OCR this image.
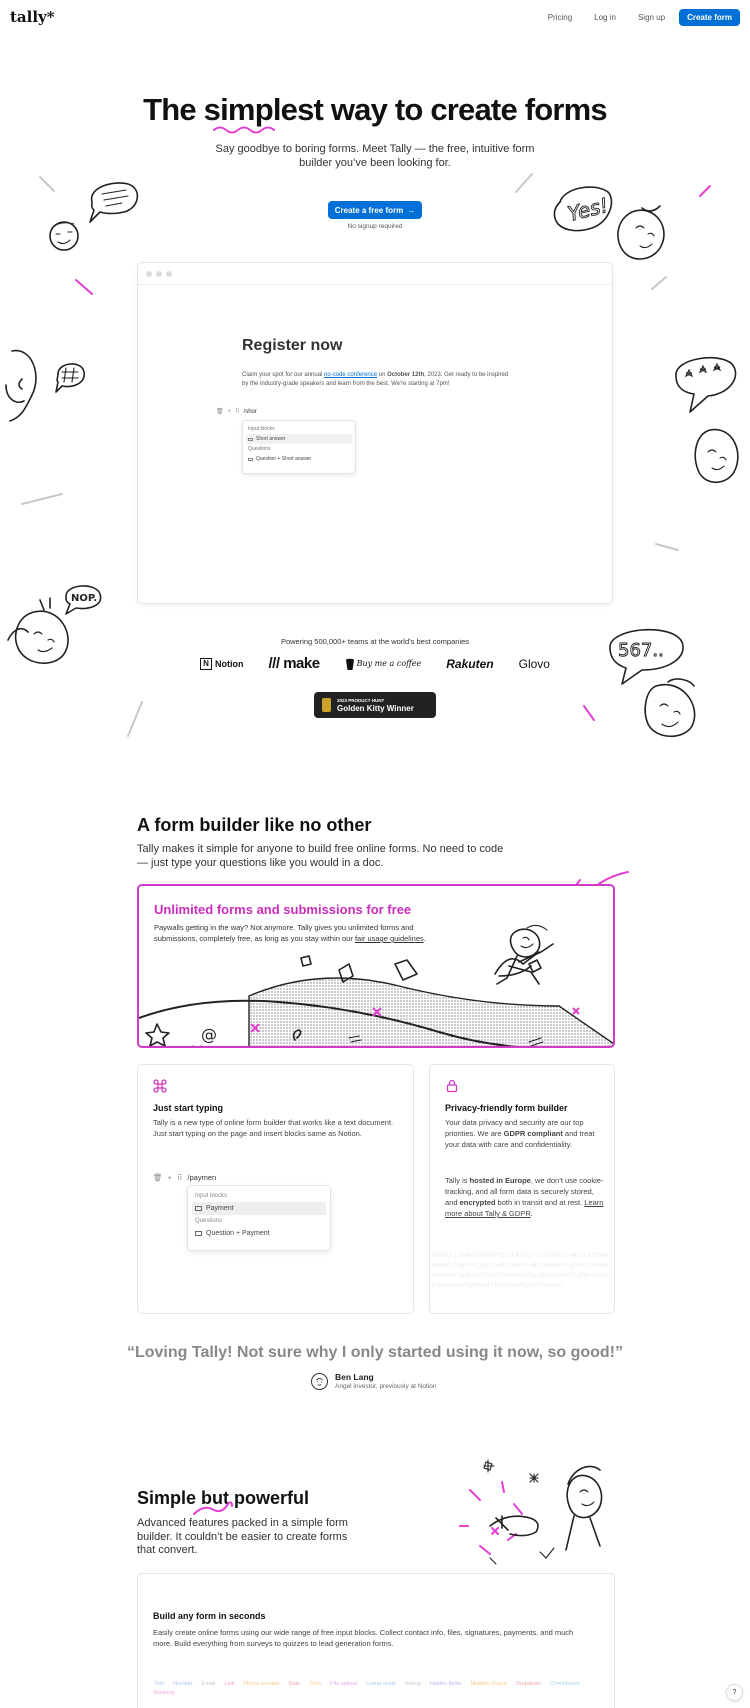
tally*	Pricing	Log in	Sign up	Create form
The simplest way to create forms

Say goodbye to boring forms. Meet Tally — the free, intuitive form builder you’ve been looking for.

Create a free form →

No signup required

Yes!
NOP.
567..
Register now
Claim your spot for our annual no-code conference on October 12th, 2023. Get ready to be inspired by the industry-grade speakers and learn from the best. We're starting at 7pm!
🗑 + ⠿ /shor
Input blocks
Short answer
Questions
Question + Short answer

Powering 500,000+ teams at the world’s best companies

N Notion /// make	Buy me a coffee Rakuten Glovo
2023 PRODUCT HUNT
Golden Kitty Winner
A form builder like no other

Tally makes it simple for anyone to build free online forms. No need to code — just type your questions like you would in a doc.

Unlimited forms and submissions for free

Paywalls getting in the way? Not anymore. Tally gives you unlimited forms and submissions, completely free, as long as you stay within our fair usage guidelines.

@
Just start typing

Tally is a new type of online form builder that works like a text document. Just start typing on the page and insert blocks same as Notion.

🗑 + ⠿ /paymen
Input blocks
Payment
Questions
Question + Payment
Privacy-friendly form builder

Your data privacy and security are our top priorities. We are GDPR compliant and treat your data with care and confidentiality.

Tally is hosted in Europe, we don’t use cookie-tracking, and all form data is securely stored, and encrypted both in transit and at rest. Learn more about Tally & GDPR.

a8sdLkj3h4kjH8s9d7f6g5h4j3k2l1QZ4xPCn+a8sdLkj3h4kjH8s9d7f6g5h4j3k2l1mNzqWxEr+aB7c8D9e0F1g2H3i4J5k6L7m8N9o0P1q2R3s4T5u6V7w8X9y0Z1a2B3c4D5e6F7g8H9i0J1k2L3m4N5o6P7q8R9s0T1u2V3w4X5y6Z7CnmKvt

“Loving Tally! Not sure why I only started using it now, so good!”

Ben Lang
Angel investor, previously at Notion
Simple but powerful

Advanced features packed in a simple form builder. It couldn’t be easier to create forms that convert.

Build any form in seconds

Easily create online forms using our wide range of free input blocks. Collect contact info, files, signatures, payments, and much more. Build everything from surveys to quizzes to lead generation forms.

Text Number Email Link Phone number Date Time File upload Linear scale Rating Hidden fields Multiple choice Dropdown Checkboxes
Ranking	?
